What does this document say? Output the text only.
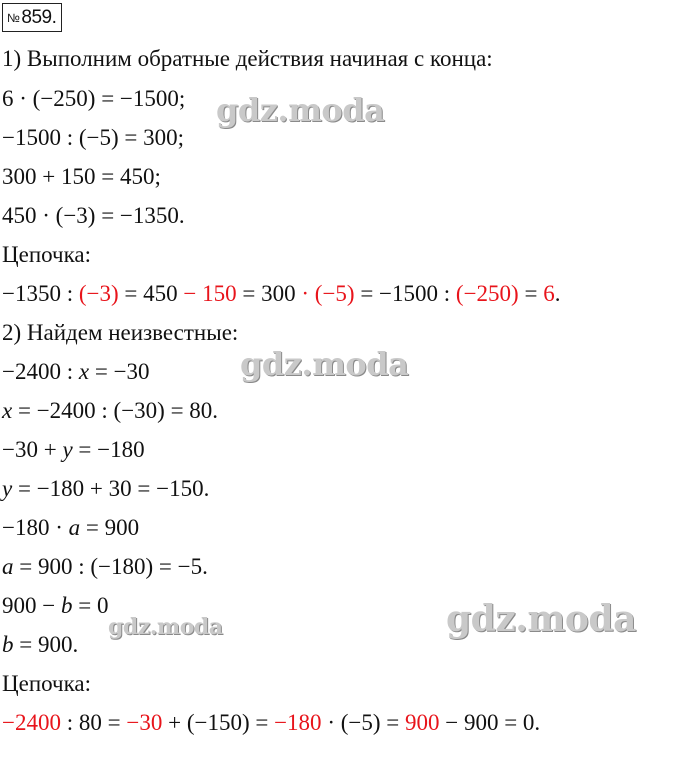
№ 859.
1) Выполним обратные действия начиная с конца:
6 · (−250) = −1500;
−1500 : (−5) = 300;
300 + 150 = 450;
450 · (−3) = −1350.
Цепочка:
−1350 : (−3) = 450 − 150 = 300 · (−5) = −1500 : (−250) = 6.
2) Найдем неизвестные:
−2400 : x = −30
x = −2400 : (−30) = 80.
−30 + y = −180
y = −180 + 30 = −150.
−180 · a = 900
a = 900 : (−180) = −5.
900 − b = 0
b = 900.
Цепочка:
−2400 : 80 = −30 + (−150) = −180 · (−5) = 900 − 900 = 0.
gdz.moda
gdz.moda
gdz.moda	gdz.moda
